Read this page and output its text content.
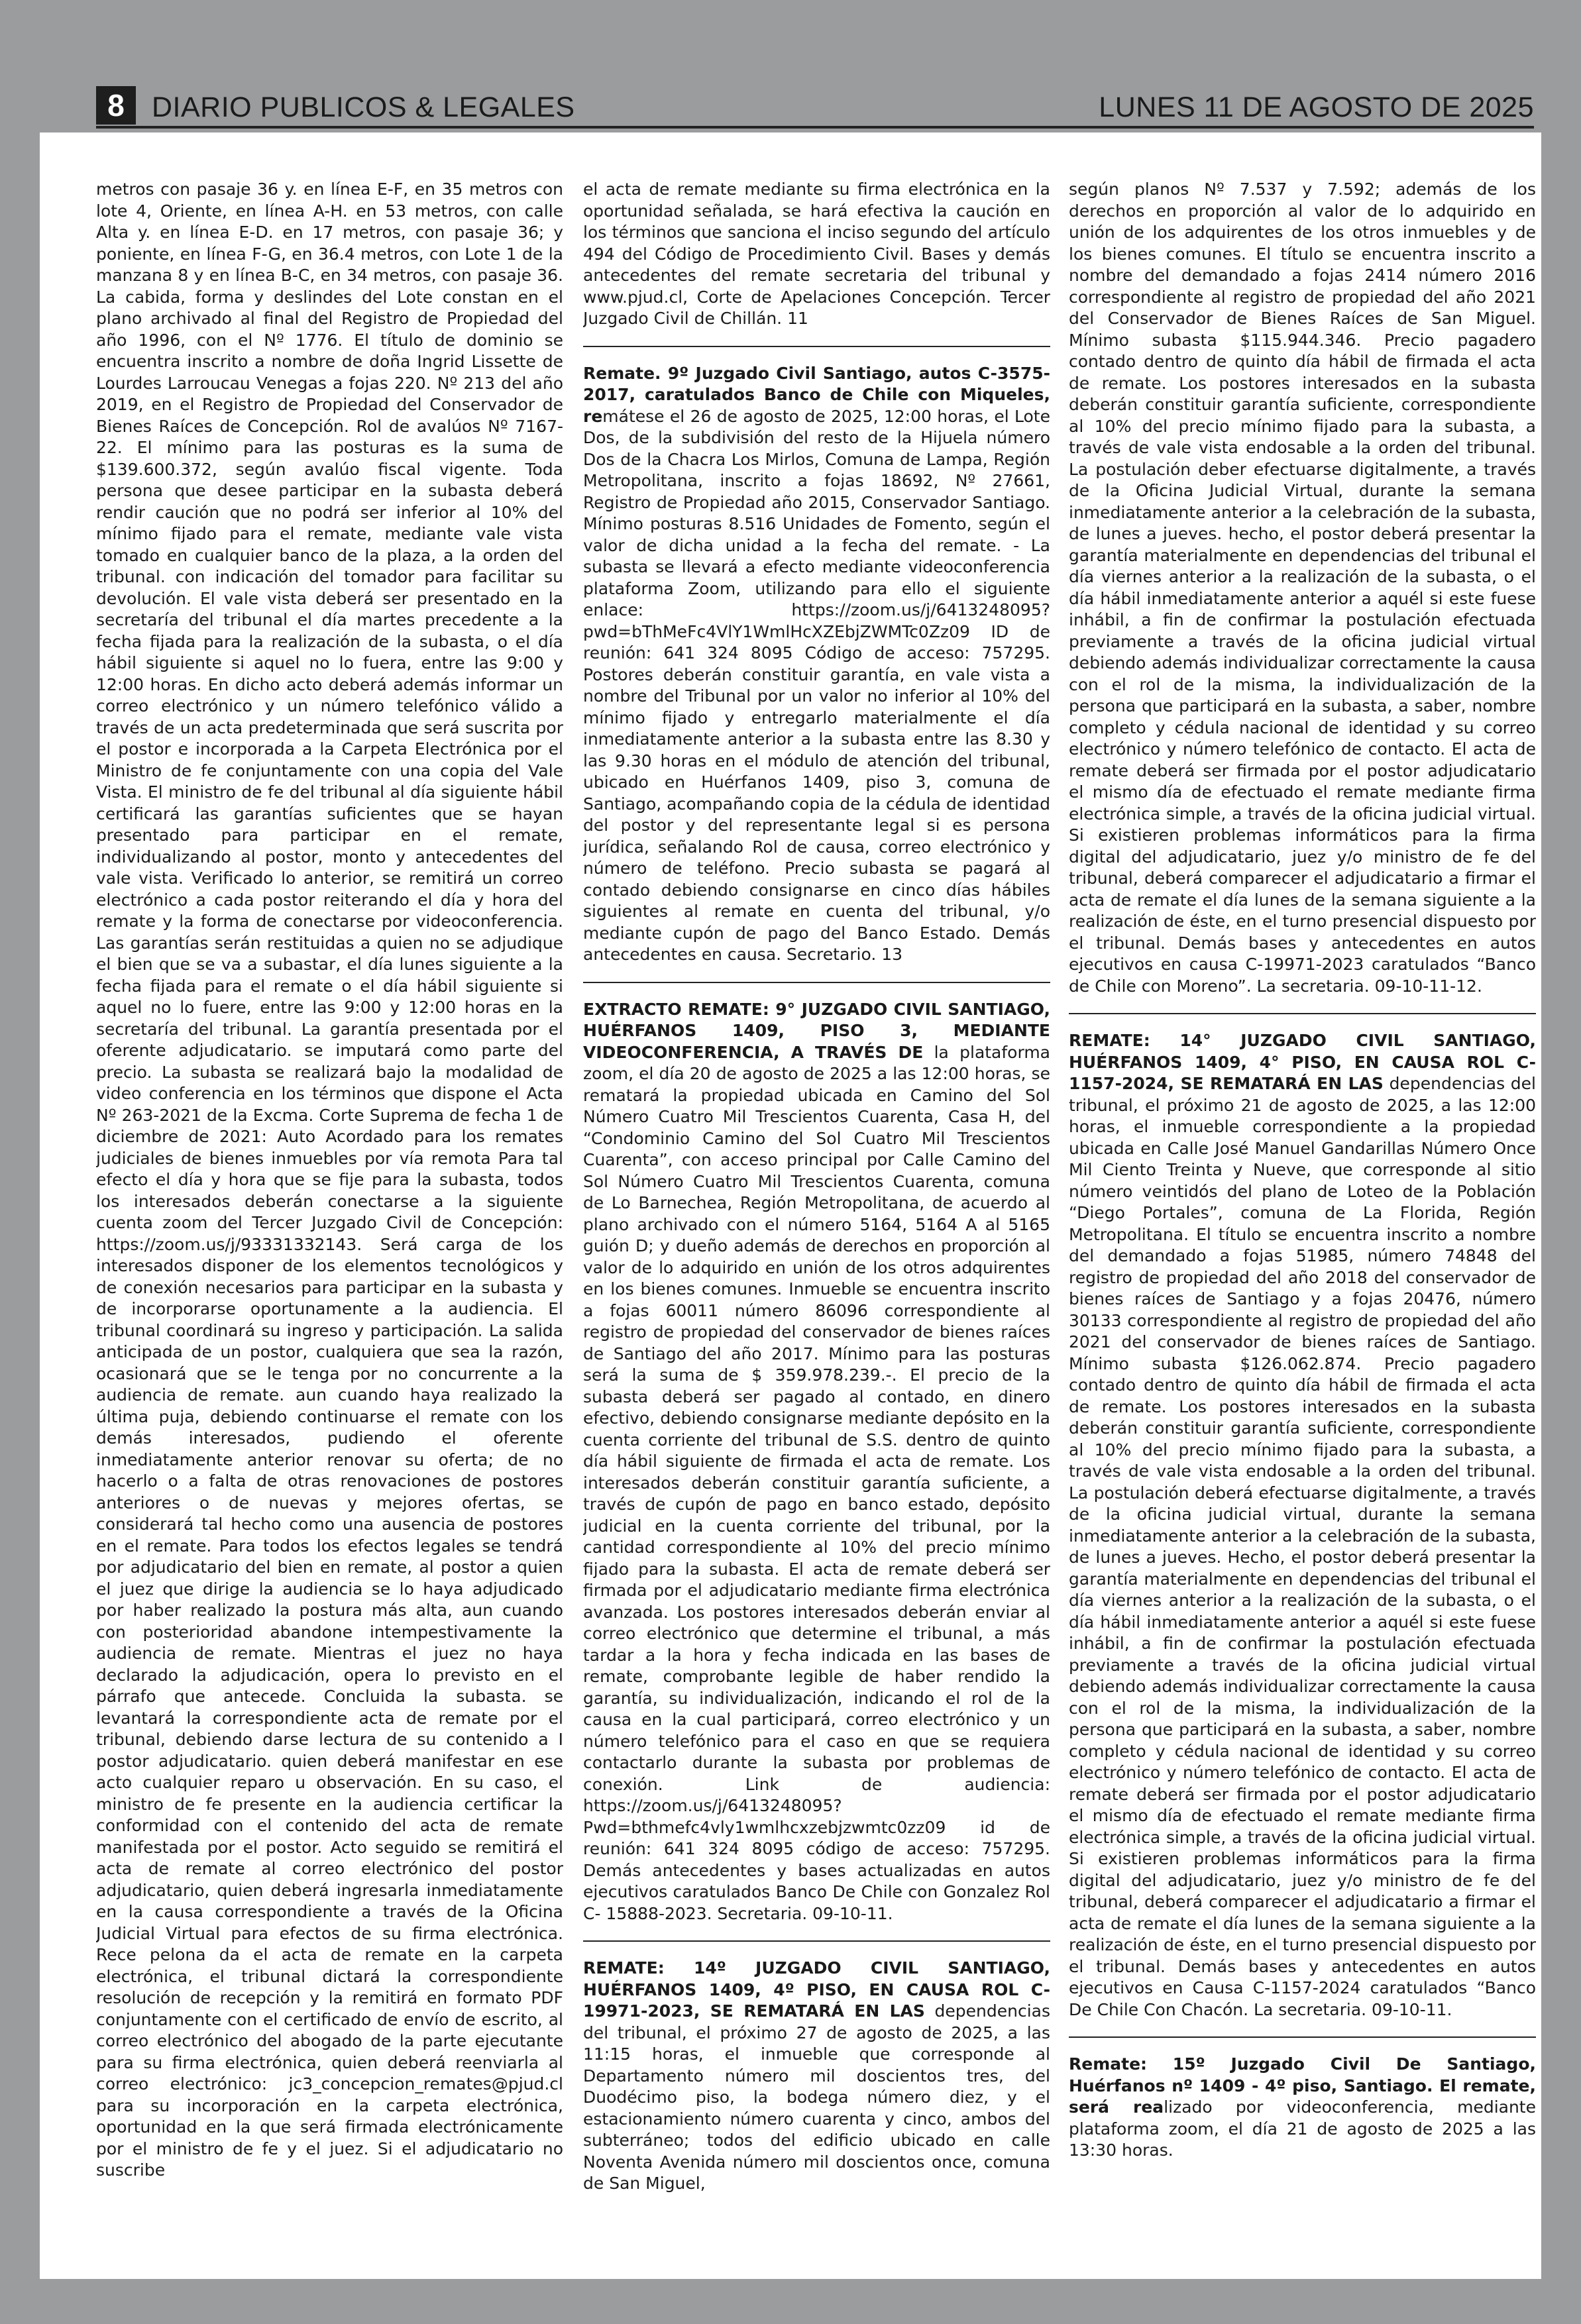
8 DIARIO PUBLICOS & LEGALES	LUNES 11 DE AGOSTO DE 2025

metros con pasaje 36 y. en línea E-F, en 35 metros con lote 4, Oriente, en línea A-H. en 53 metros, con calle Alta y. en línea E-D. en 17 metros, con pasaje 36; y poniente, en línea F-G, en 36.4 metros, con Lote 1 de la manzana 8 y en línea B-C, en 34 metros, con pasaje 36. La cabida, forma y deslindes del Lote constan en el plano archivado al final del Registro de Propiedad del año 1996, con el Nº 1776. El título de dominio se encuentra inscrito a nombre de doña Ingrid Lissette de Lourdes Larroucau Venegas a fojas 220. Nº 213 del año 2019, en el Registro de Propiedad del Conservador de Bienes Raíces de Concepción. Rol de avalúos Nº 7167-22. El mínimo para las posturas es la suma de $139.600.372, según avalúo fiscal vigente. Toda persona que desee participar en la subasta deberá rendir caución que no podrá ser inferior al 10% del mínimo fijado para el remate, mediante vale vista tomado en cualquier banco de la plaza, a la orden del tribunal. con indicación del tomador para facilitar su devolución. El vale vista deberá ser presentado en la secretaría del tribunal el día martes precedente a la fecha fijada para la realización de la subasta, o el día hábil siguiente si aquel no lo fuera, entre las 9:00 y 12:00 horas. En dicho acto deberá además informar un correo electrónico y un número telefónico válido a través de un acta predeterminada que será suscrita por el postor e incorporada a la Carpeta Electrónica por el Ministro de fe conjuntamente con una copia del Vale Vista. El ministro de fe del tribunal al día siguiente hábil certificará las garantías suficientes que se hayan presentado para participar en el remate, individualizando al postor, monto y antecedentes del vale vista. Verificado lo anterior, se remitirá un correo electrónico a cada postor reiterando el día y hora del remate y la forma de conectarse por videoconferencia. Las garantías serán restituidas a quien no se adjudique el bien que se va a subastar, el día lunes siguiente a la fecha fijada para el remate o el día hábil siguiente si aquel no lo fuere, entre las 9:00 y 12:00 horas en la secretaría del tribunal. La garantía presentada por el oferente adjudicatario. se imputará como parte del precio. La subasta se realizará bajo la modalidad de video conferencia en los términos que dispone el Acta Nº 263-2021 de la Excma. Corte Suprema de fecha 1 de diciembre de 2021: Auto Acordado para los remates judiciales de bienes inmuebles por vía remota Para tal efecto el día y hora que se fije para la subasta, todos los interesados deberán conectarse a la siguiente cuenta zoom del Tercer Juzgado Civil de Concepción: https://zoom.us/j/93331332143. Será carga de los interesados disponer de los elementos tecnológicos y de conexión necesarios para participar en la subasta y de incorporarse oportunamente a la audiencia. El tribunal coordinará su ingreso y participación. La salida anticipada de un postor, cualquiera que sea la razón, ocasionará que se le tenga por no concurrente a la audiencia de remate. aun cuando haya realizado la última puja, debiendo continuarse el remate con los demás interesados, pudiendo el oferente inmediatamente anterior renovar su oferta; de no hacerlo o a falta de otras renovaciones de postores anteriores o de nuevas y mejores ofertas, se considerará tal hecho como una ausencia de postores en el remate. Para todos los efectos legales se tendrá por adjudicatario del bien en remate, al postor a quien el juez que dirige la audiencia se lo haya adjudicado por haber realizado la postura más alta, aun cuando con posterioridad abandone intempestivamente la audiencia de remate. Mientras el juez no haya declarado la adjudicación, opera lo previsto en el párrafo que antecede. Concluida la subasta. se levantará la correspondiente acta de remate por el tribunal, debiendo darse lectura de su contenido a I postor adjudicatario. quien deberá manifestar en ese acto cualquier reparo u observación. En su caso, el ministro de fe presente en la audiencia certificar la conformidad con el contenido del acta de remate manifestada por el postor. Acto seguido se remitirá el acta de remate al correo electrónico del postor adjudicatario, quien deberá ingresarla inmediatamente en la causa correspondiente a través de la Oficina Judicial Virtual para efectos de su firma electrónica. Rece pelona da el acta de remate en la carpeta electrónica, el tribunal dictará la correspondiente resolución de recepción y la remitirá en formato PDF conjuntamente con el certificado de envío de escrito, al correo electrónico del abogado de la parte ejecutante para su firma electrónica, quien deberá reenviarla al correo electrónico: jc3_concepcion_remates@pjud.cl para su incorporación en la carpeta electrónica, oportunidad en la que será firmada electrónicamente por el ministro de fe y el juez. Si el adjudicatario no suscribe

el acta de remate mediante su firma electrónica en la oportunidad señalada, se hará efectiva la caución en los términos que sanciona el inciso segundo del artículo 494 del Código de Procedimiento Civil. Bases y demás antecedentes del remate secretaria del tribunal y www.pjud.cl, Corte de Apelaciones Concepción. Tercer Juzgado Civil de Chillán. 11

Remate. 9º Juzgado Civil Santiago, autos C-3575-2017, caratulados Banco de Chile con Miqueles, remátese el 26 de agosto de 2025, 12:00 horas, el Lote Dos, de la subdivisión del resto de la Hijuela número Dos de la Chacra Los Mirlos, Comuna de Lampa, Región Metropolitana, inscrito a fojas 18692, Nº 27661, Registro de Propiedad año 2015, Conservador Santiago. Mínimo posturas 8.516 Unidades de Fomento, según el valor de dicha unidad a la fecha del remate. - La subasta se llevará a efecto mediante videoconferencia plataforma Zoom, utilizando para ello el siguiente enlace: https://zoom.us/j/6413248095?pwd=bThMeFc4VlY1WmlHcXZEbjZWMTc0Zz09 ID de reunión: 641 324 8095 Código de acceso: 757295. Postores deberán constituir garantía, en vale vista a nombre del Tribunal por un valor no inferior al 10% del mínimo fijado y entregarlo materialmente el día inmediatamente anterior a la subasta entre las 8.30 y las 9.30 horas en el módulo de atención del tribunal, ubicado en Huérfanos 1409, piso 3, comuna de Santiago, acompañando copia de la cédula de identidad del postor y del representante legal si es persona jurídica, señalando Rol de causa, correo electrónico y número de teléfono. Precio subasta se pagará al contado debiendo consignarse en cinco días hábiles siguientes al remate en cuenta del tribunal, y/o mediante cupón de pago del Banco Estado. Demás antecedentes en causa. Secretario. 13

EXTRACTO REMATE: 9° JUZGADO CIVIL SANTIAGO, HUÉRFANOS 1409, PISO 3, MEDIANTE VIDEOCONFERENCIA, A TRAVÉS DE la plataforma zoom, el día 20 de agosto de 2025 a las 12:00 horas, se rematará la propiedad ubicada en Camino del Sol Número Cuatro Mil Trescientos Cuarenta, Casa H, del “Condominio Camino del Sol Cuatro Mil Trescientos Cuarenta”, con acceso principal por Calle Camino del Sol Número Cuatro Mil Trescientos Cuarenta, comuna de Lo Barnechea, Región Metropolitana, de acuerdo al plano archivado con el número 5164, 5164 A al 5165 guión D; y dueño además de derechos en proporción al valor de lo adquirido en unión de los otros adquirentes en los bienes comunes. Inmueble se encuentra inscrito a fojas 60011 número 86096 correspondiente al registro de propiedad del conservador de bienes raíces de Santiago del año 2017. Mínimo para las posturas será la suma de $ 359.978.239.-. El precio de la subasta deberá ser pagado al contado, en dinero efectivo, debiendo consignarse mediante depósito en la cuenta corriente del tribunal de S.S. dentro de quinto día hábil siguiente de firmada el acta de remate. Los interesados deberán constituir garantía suficiente, a través de cupón de pago en banco estado, depósito judicial en la cuenta corriente del tribunal, por la cantidad correspondiente al 10% del precio mínimo fijado para la subasta. El acta de remate deberá ser firmada por el adjudicatario mediante firma electrónica avanzada. Los postores interesados deberán enviar al correo electrónico que determine el tribunal, a más tardar a la hora y fecha indicada en las bases de remate, comprobante legible de haber rendido la garantía, su individualización, indicando el rol de la causa en la cual participará, correo electrónico y un número telefónico para el caso en que se requiera contactarlo durante la subasta por problemas de conexión. Link de audiencia: https://zoom.us/j/6413248095?Pwd=bthmefc4vly1wmlhcxzebjzwmtc0zz09 id de reunión: 641 324 8095 código de acceso: 757295. Demás antecedentes y bases actualizadas en autos ejecutivos caratulados Banco De Chile con Gonzalez Rol C- 15888-2023. Secretaria. 09-10-11.

REMATE: 14º JUZGADO CIVIL SANTIAGO, HUÉRFANOS 1409, 4º PISO, EN CAUSA ROL C-19971-2023, SE REMATARÁ EN LAS dependencias del tribunal, el próximo 27 de agosto de 2025, a las 11:15 horas, el inmueble que corresponde al Departamento número mil doscientos tres, del Duodécimo piso, la bodega número diez, y el estacionamiento número cuarenta y cinco, ambos del subterráneo; todos del edificio ubicado en calle Noventa Avenida número mil doscientos once, comuna de San Miguel,

según planos Nº 7.537 y 7.592; además de los derechos en proporción al valor de lo adquirido en unión de los adquirentes de los otros inmuebles y de los bienes comunes. El título se encuentra inscrito a nombre del demandado a fojas 2414 número 2016 correspondiente al registro de propiedad del año 2021 del Conservador de Bienes Raíces de San Miguel. Mínimo subasta $115.944.346. Precio pagadero contado dentro de quinto día hábil de firmada el acta de remate. Los postores interesados en la subasta deberán constituir garantía suficiente, correspondiente al 10% del precio mínimo fijado para la subasta, a través de vale vista endosable a la orden del tribunal. La postulación deber efectuarse digitalmente, a través de la Oficina Judicial Virtual, durante la semana inmediatamente anterior a la celebración de la subasta, de lunes a jueves. hecho, el postor deberá presentar la garantía materialmente en dependencias del tribunal el día viernes anterior a la realización de la subasta, o el día hábil inmediatamente anterior a aquél si este fuese inhábil, a fin de confirmar la postulación efectuada previamente a través de la oficina judicial virtual debiendo además individualizar correctamente la causa con el rol de la misma, la individualización de la persona que participará en la subasta, a saber, nombre completo y cédula nacional de identidad y su correo electrónico y número telefónico de contacto. El acta de remate deberá ser firmada por el postor adjudicatario el mismo día de efectuado el remate mediante firma electrónica simple, a través de la oficina judicial virtual. Si existieren problemas informáticos para la firma digital del adjudicatario, juez y/o ministro de fe del tribunal, deberá comparecer el adjudicatario a firmar el acta de remate el día lunes de la semana siguiente a la realización de éste, en el turno presencial dispuesto por el tribunal. Demás bases y antecedentes en autos ejecutivos en causa C-19971-2023 caratulados “Banco de Chile con Moreno”. La secretaria. 09-10-11-12.

REMATE: 14° JUZGADO CIVIL SANTIAGO, HUÉRFANOS 1409, 4° PISO, EN CAUSA ROL C-1157-2024, SE REMATARÁ EN LAS dependencias del tribunal, el próximo 21 de agosto de 2025, a las 12:00 horas, el inmueble correspondiente a la propiedad ubicada en Calle José Manuel Gandarillas Número Once Mil Ciento Treinta y Nueve, que corresponde al sitio número veintidós del plano de Loteo de la Población “Diego Portales”, comuna de La Florida, Región Metropolitana. El título se encuentra inscrito a nombre del demandado a fojas 51985, número 74848 del registro de propiedad del año 2018 del conservador de bienes raíces de Santiago y a fojas 20476, número 30133 correspondiente al registro de propiedad del año 2021 del conservador de bienes raíces de Santiago. Mínimo subasta $126.062.874. Precio pagadero contado dentro de quinto día hábil de firmada el acta de remate. Los postores interesados en la subasta deberán constituir garantía suficiente, correspondiente al 10% del precio mínimo fijado para la subasta, a través de vale vista endosable a la orden del tribunal. La postulación deberá efectuarse digitalmente, a través de la oficina judicial virtual, durante la semana inmediatamente anterior a la celebración de la subasta, de lunes a jueves. Hecho, el postor deberá presentar la garantía materialmente en dependencias del tribunal el día viernes anterior a la realización de la subasta, o el día hábil inmediatamente anterior a aquél si este fuese inhábil, a fin de confirmar la postulación efectuada previamente a través de la oficina judicial virtual debiendo además individualizar correctamente la causa con el rol de la misma, la individualización de la persona que participará en la subasta, a saber, nombre completo y cédula nacional de identidad y su correo electrónico y número telefónico de contacto. El acta de remate deberá ser firmada por el postor adjudicatario el mismo día de efectuado el remate mediante firma electrónica simple, a través de la oficina judicial virtual. Si existieren problemas informáticos para la firma digital del adjudicatario, juez y/o ministro de fe del tribunal, deberá comparecer el adjudicatario a firmar el acta de remate el día lunes de la semana siguiente a la realización de éste, en el turno presencial dispuesto por el tribunal. Demás bases y antecedentes en autos ejecutivos en Causa C-1157-2024 caratulados “Banco De Chile Con Chacón. La secretaria. 09-10-11.

Remate: 15º Juzgado Civil De Santiago, Huérfanos nº 1409 - 4º piso, Santiago. El remate, será realizado por videoconferencia, mediante plataforma zoom, el día 21 de agosto de 2025 a las 13:30 horas.
